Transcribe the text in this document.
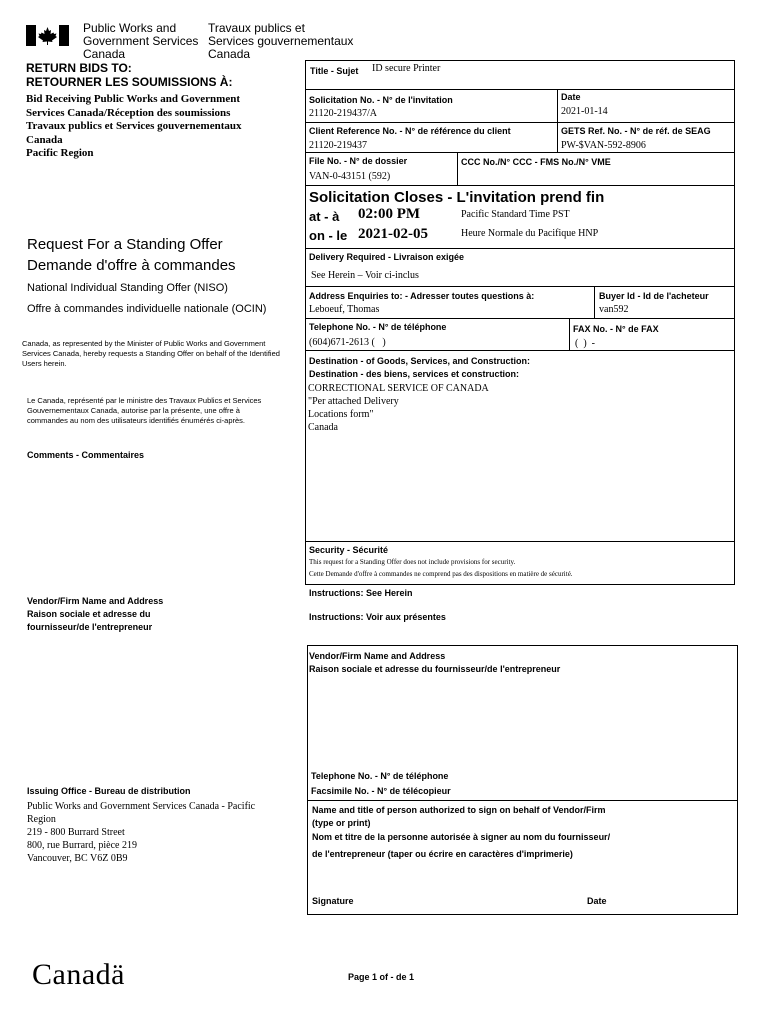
Public Works and
Government Services
Canada
Travaux publics et
Services gouvernementaux
Canada
RETURN BIDS TO:
RETOURNER LES SOUMISSIONS À:
Bid Receiving Public Works and Government
Services Canada/Réception des soumissions
Travaux publics et Services gouvernementaux
Canada
Pacific Region
Request For a Standing Offer
Demande d'offre à commandes
National Individual Standing Offer (NISO)
Offre à commandes individuelle nationale (OCIN)
Canada, as represented by the Minister of Public Works and Government Services Canada, hereby requests a Standing Offer on behalf of the Identified Users herein.
Le Canada, représenté par le ministre des Travaux Publics et Services Gouvernementaux Canada, autorise par la présente, une offre à commandes au nom des utilisateurs identifiés énumérés ci-après.
Comments - Commentaires
Vendor/Firm Name and Address
Raison sociale et adresse du
fournisseur/de l'entrepreneur
Issuing Office - Bureau de distribution
Public Works and Government Services Canada - Pacific
Region
219 - 800 Burrard Street
800, rue Burrard, pièce 219
Vancouver, BC V6Z 0B9
Title - Sujet ID secure Printer
Solicitation No. - N° de l'invitation
21120-219437/A
Date
2021-01-14
Client Reference No. - N° de référence du client
21120-219437
GETS Ref. No. - N° de réf. de SEAG
PW-$VAN-592-8906
File No. - N° de dossier
VAN-0-43151 (592)
CCC No./N° CCC - FMS No./N° VME
Solicitation Closes - L'invitation prend fin
at - à 02:00 PM	Pacific Standard Time PST
on - le 2021-02-05	Heure Normale du Pacifique HNP
Delivery Required - Livraison exigée
See Herein – Voir ci-inclus
Address Enquiries to: - Adresser toutes questions à:
Leboeuf, Thomas
Buyer Id - Id de l'acheteur
van592
Telephone No. - N° de téléphone
(604)671-2613 (   )
FAX No. - N° de FAX
(  )  -
Destination - of Goods, Services, and Construction:
Destination - des biens, services et construction:
CORRECTIONAL SERVICE OF CANADA
"Per attached Delivery
Locations form"
Canada
Security - Sécurité
This request for a Standing Offer does not include provisions for security.
Cette Demande d'offre à commandes ne comprend pas des dispositions en matière de sécurité.
Instructions: See Herein
Instructions: Voir aux présentes
Vendor/Firm Name and Address
Raison sociale et adresse du fournisseur/de l'entrepreneur
Telephone No. - N° de téléphone
Facsimile No. - N° de télécopieur
Name and title of person authorized to sign on behalf of Vendor/Firm
(type or print)
Nom et titre de la personne autorisée à signer au nom du fournisseur/
de l'entrepreneur (taper ou écrire en caractères d'imprimerie)
Signature	Date
Canadä	Page 1 of - de 1
